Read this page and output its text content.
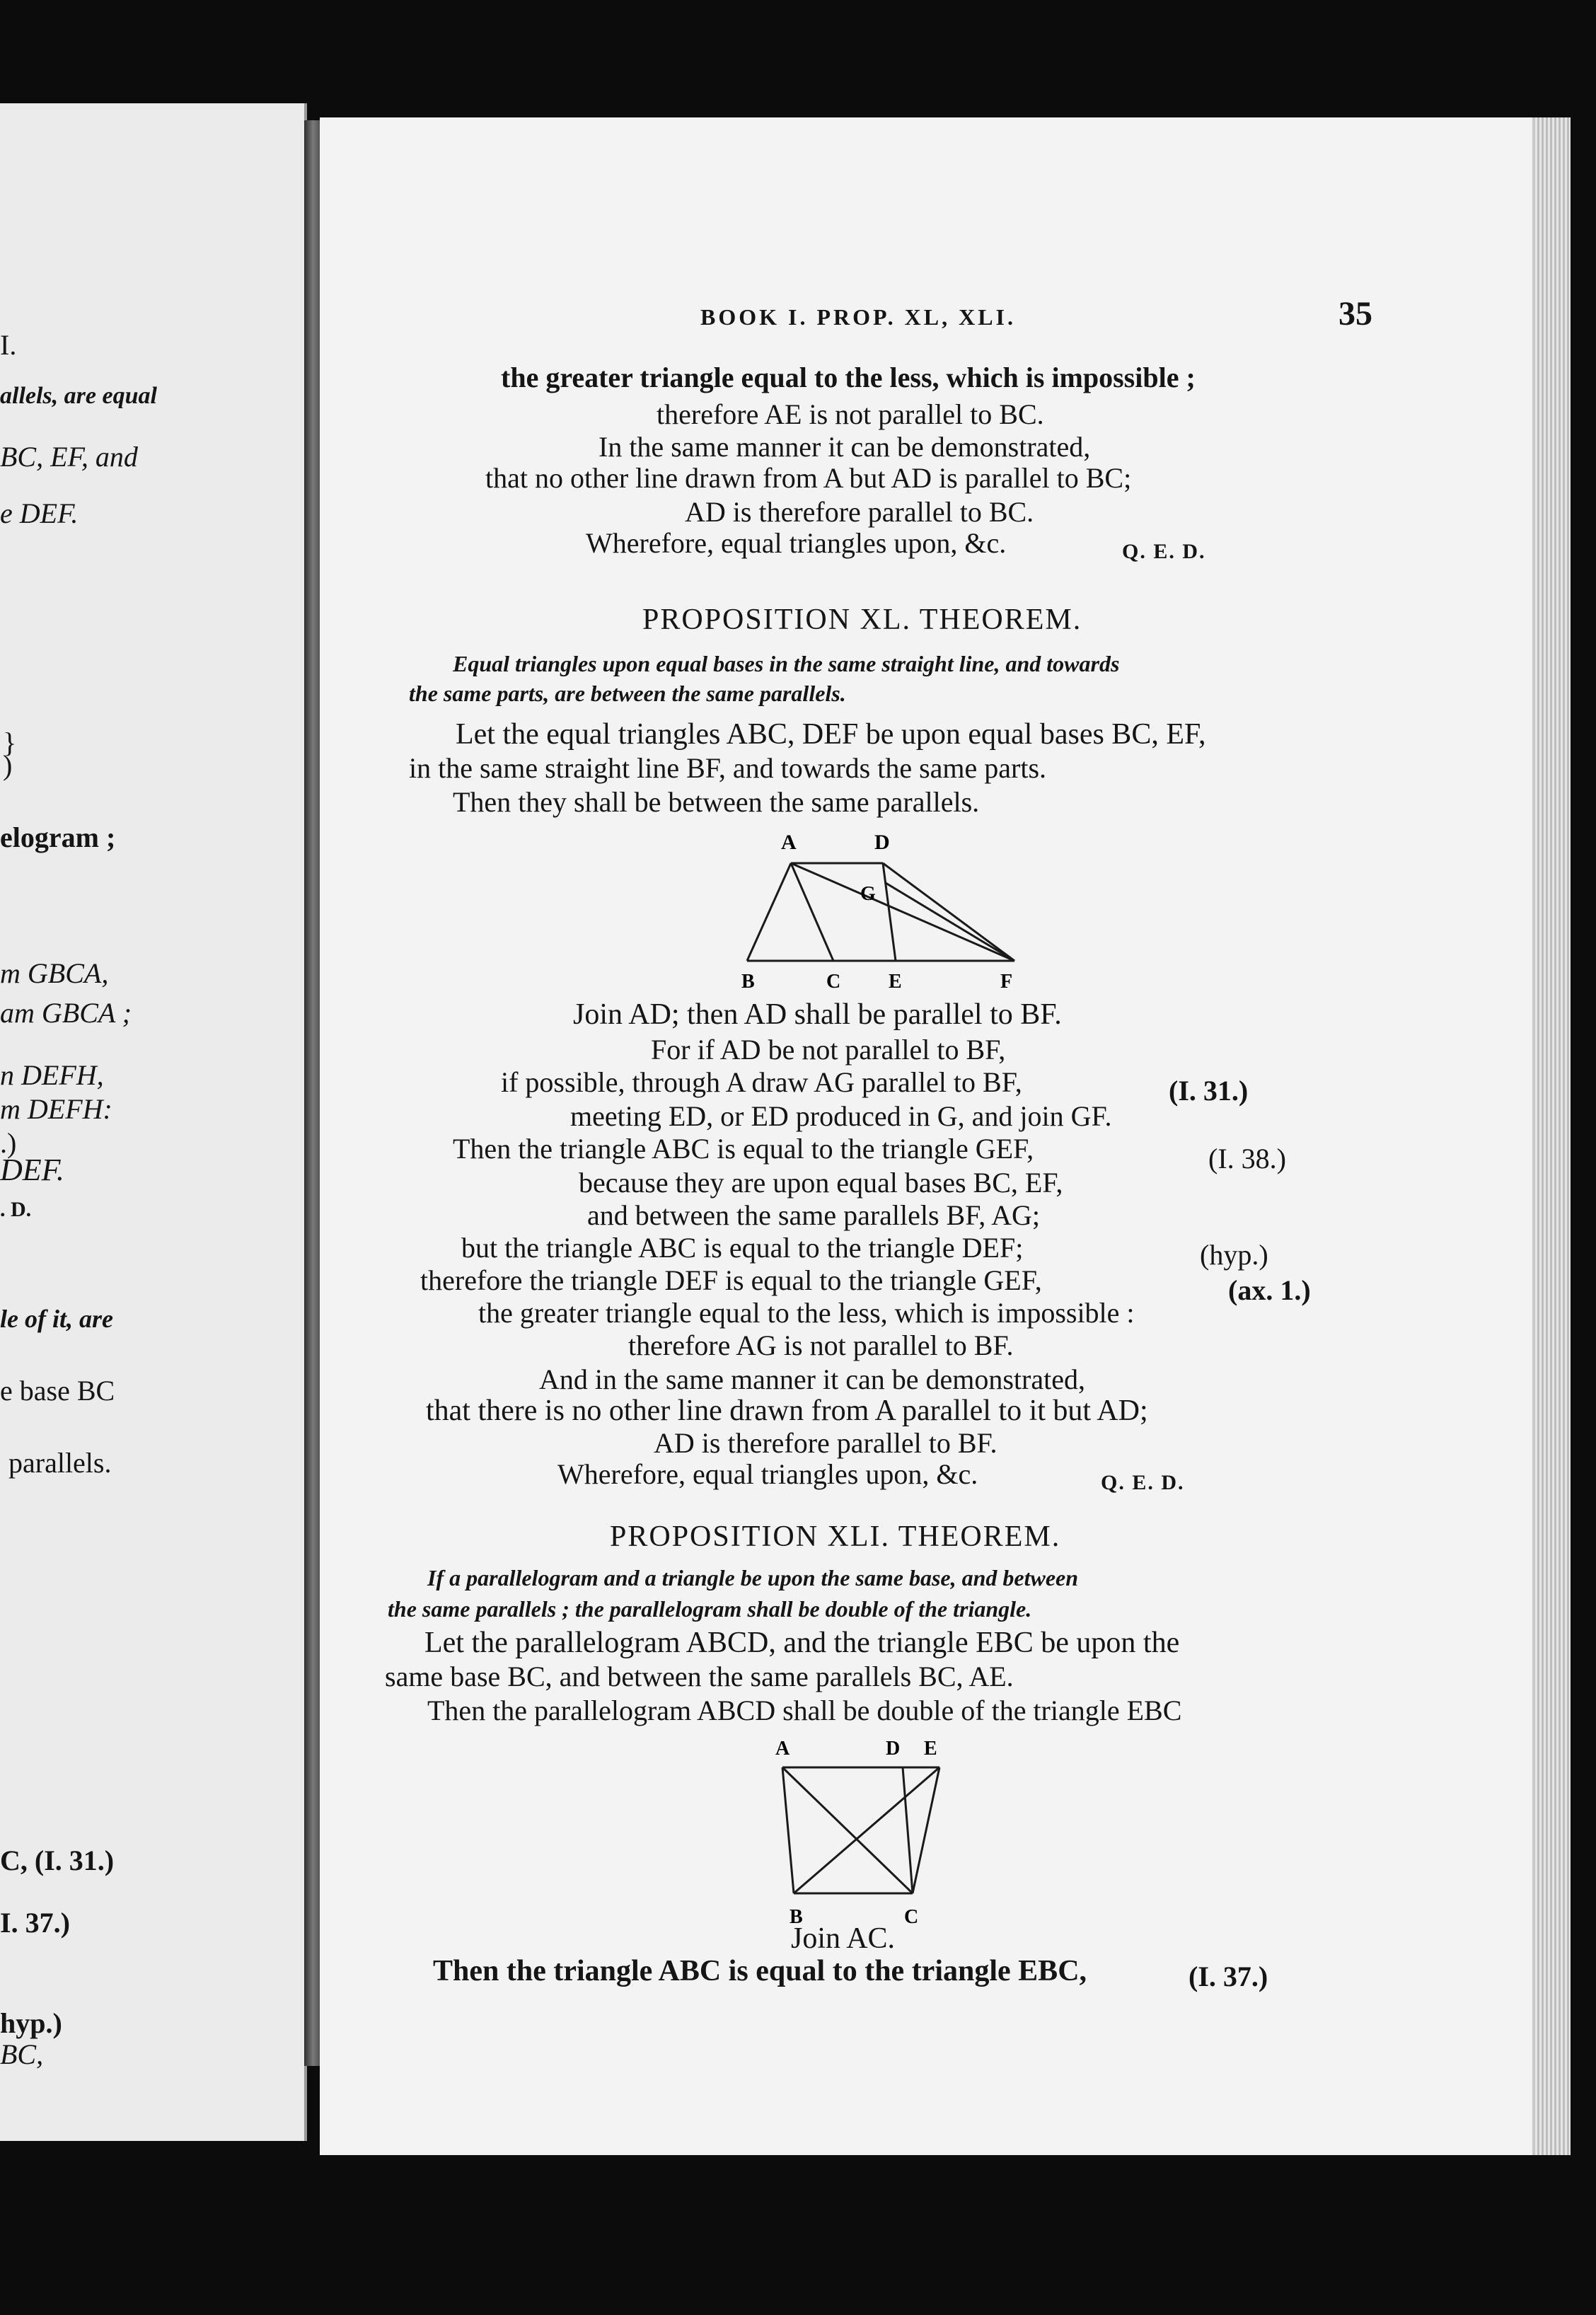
I.
allels, are equal
BC, EF, and
e DEF.
}
)
elogram ;
m GBCA,
am GBCA ;
n DEFH,
m DEFH:
.)
DEF.
. D.
le of it, are
e base BC
parallels.
C, (I. 31.)
I. 37.)
hyp.)
BC,
BOOK I. PROP. XL, XLI.	35
the greater triangle equal to the less, which is impossible ;
therefore AE is not parallel to BC.
In the same manner it can be demonstrated,
that no other line drawn from A but AD is parallel to BC;
AD is therefore parallel to BC.
Wherefore, equal triangles upon, &c.	Q. E. D.
PROPOSITION XL. THEOREM.
Equal triangles upon equal bases in the same straight line, and towards
the same parts, are between the same parallels.
Let the equal triangles ABC, DEF be upon equal bases BC, EF,
in the same straight line BF, and towards the same parts.
Then they shall be between the same parallels.
A	D
G
B	C E	F
Join AD; then AD shall be parallel to BF.
For if AD be not parallel to BF,
if possible, through A draw AG parallel to BF,	(I. 31.)
meeting ED, or ED produced in G, and join GF.
Then the triangle ABC is equal to the triangle GEF,	(I. 38.)
because they are upon equal bases BC, EF,
and between the same parallels BF, AG;
but the triangle ABC is equal to the triangle DEF;	(hyp.)
therefore the triangle DEF is equal to the triangle GEF,	(ax. 1.)
the greater triangle equal to the less, which is impossible :
therefore AG is not parallel to BF.
And in the same manner it can be demonstrated,
that there is no other line drawn from A parallel to it but AD;
AD is therefore parallel to BF.
Wherefore, equal triangles upon, &c.	Q. E. D.
PROPOSITION XLI. THEOREM.
If a parallelogram and a triangle be upon the same base, and between
the same parallels ; the parallelogram shall be double of the triangle.
Let the parallelogram ABCD, and the triangle EBC be upon the
same base BC, and between the same parallels BC, AE.
Then the parallelogram ABCD shall be double of the triangle EBC
A	D E
B	C
Join AC.
Then the triangle ABC is equal to the triangle EBC,	(I. 37.)
